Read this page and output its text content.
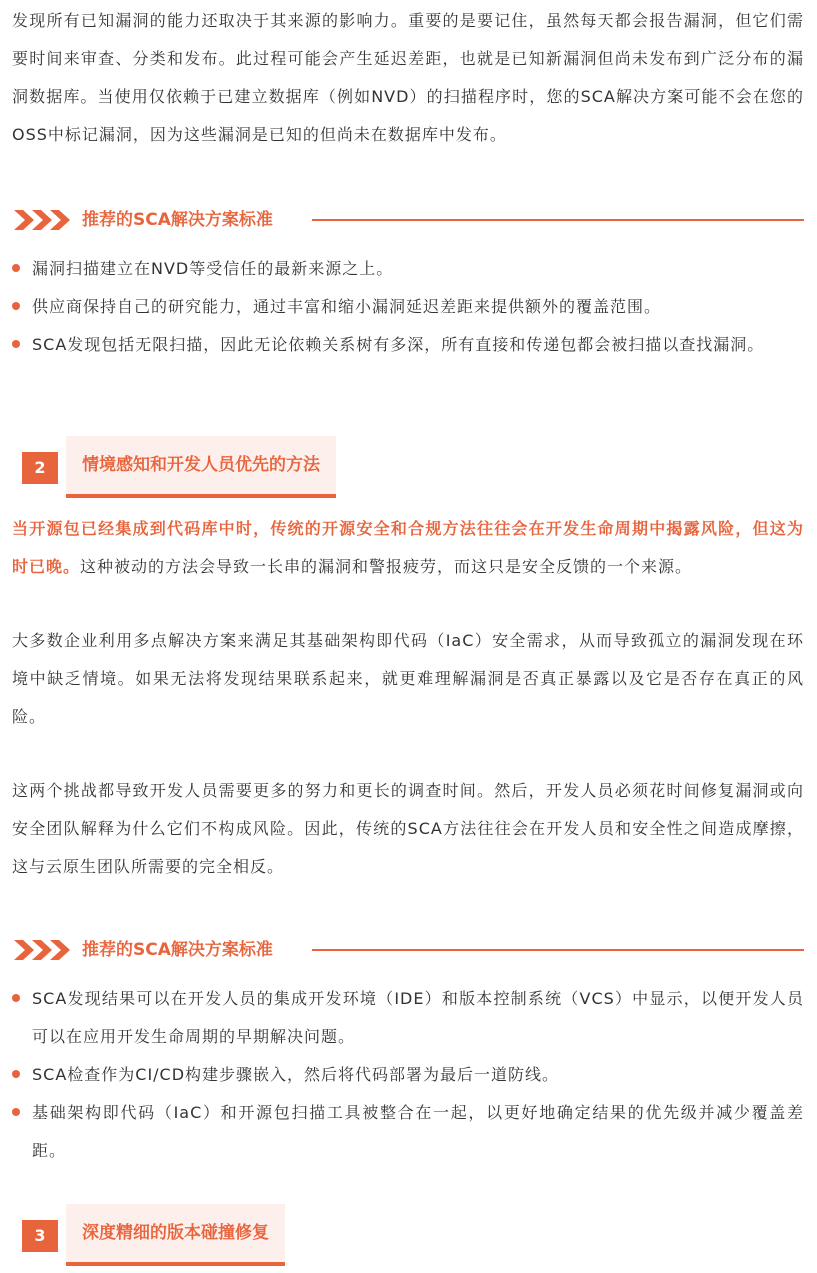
发现所有已知漏洞的能力还取决于其来源的影响力。重要的是要记住，虽然每天都会报告漏洞，但它们需要时间来审查、分类和发布。此过程可能会产生延迟差距，也就是已知新漏洞但尚未发布到广泛分布的漏洞数据库。当使用仅依赖于已建立数据库（例如NVD）的扫描程序时，您的SCA解决方案可能不会在您的OSS中标记漏洞，因为这些漏洞是已知的但尚未在数据库中发布。

推荐的SCA解决方案标准
漏洞扫描建立在NVD等受信任的最新来源之上。
供应商保持自己的研究能力，通过丰富和缩小漏洞延迟差距来提供额外的覆盖范围。
SCA发现包括无限扫描，因此无论依赖关系树有多深，所有直接和传递包都会被扫描以查找漏洞。
2	情境感知和开发人员优先的方法

当开源包已经集成到代码库中时，传统的开源安全和合规方法往往会在开发生命周期中揭露风险，但这为时已晚。这种被动的方法会导致一长串的漏洞和警报疲劳，而这只是安全反馈的一个来源。

大多数企业利用多点解决方案来满足其基础架构即代码（IaC）安全需求，从而导致孤立的漏洞发现在环境中缺乏情境。如果无法将发现结果联系起来，就更难理解漏洞是否真正暴露以及它是否存在真正的风险。

这两个挑战都导致开发人员需要更多的努力和更长的调查时间。然后，开发人员必须花时间修复漏洞或向安全团队解释为什么它们不构成风险。因此，传统的SCA方法往往会在开发人员和安全性之间造成摩擦，这与云原生团队所需要的完全相反。

推荐的SCA解决方案标准
SCA发现结果可以在开发人员的集成开发环境（IDE）和版本控制系统（VCS）中显示，以便开发人员可以在应用开发生命周期的早期解决问题。
SCA检查作为CI/CD构建步骤嵌入，然后将代码部署为最后一道防线。
基础架构即代码（IaC）和开源包扫描工具被整合在一起，以更好地确定结果的优先级并减少覆盖差距。
3	深度精细的版本碰撞修复
